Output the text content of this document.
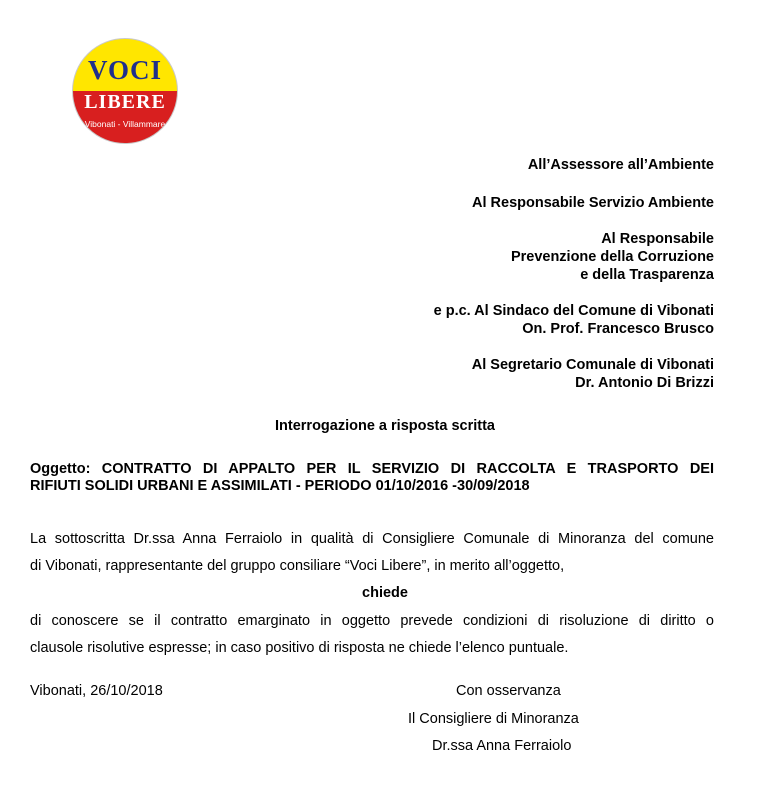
VOCI
LIBERE
Vibonati - Villammare
All’Assessore all’Ambiente
Al Responsabile Servizio Ambiente
Al Responsabile
Prevenzione della Corruzione
e della Trasparenza
e p.c. Al Sindaco del Comune di Vibonati
On. Prof. Francesco Brusco
Al Segretario Comunale di Vibonati
Dr. Antonio Di Brizzi
Interrogazione a risposta scritta
Oggetto: CONTRATTO DI APPALTO PER IL SERVIZIO DI RACCOLTA E TRASPORTO DEI
RIFIUTI SOLIDI URBANI E ASSIMILATI - PERIODO 01/10/2016 -30/09/2018
La sottoscritta Dr.ssa Anna Ferraiolo in qualità di Consigliere Comunale di Minoranza del comune
di Vibonati, rappresentante del gruppo consiliare “Voci Libere”, in merito all’oggetto,
chiede
di conoscere se il contratto emarginato in oggetto prevede condizioni di risoluzione di diritto o
clausole risolutive espresse; in caso positivo di risposta ne chiede l’elenco puntuale.
Vibonati, 26/10/2018	Con osservanza
Il Consigliere di Minoranza
Dr.ssa Anna Ferraiolo
